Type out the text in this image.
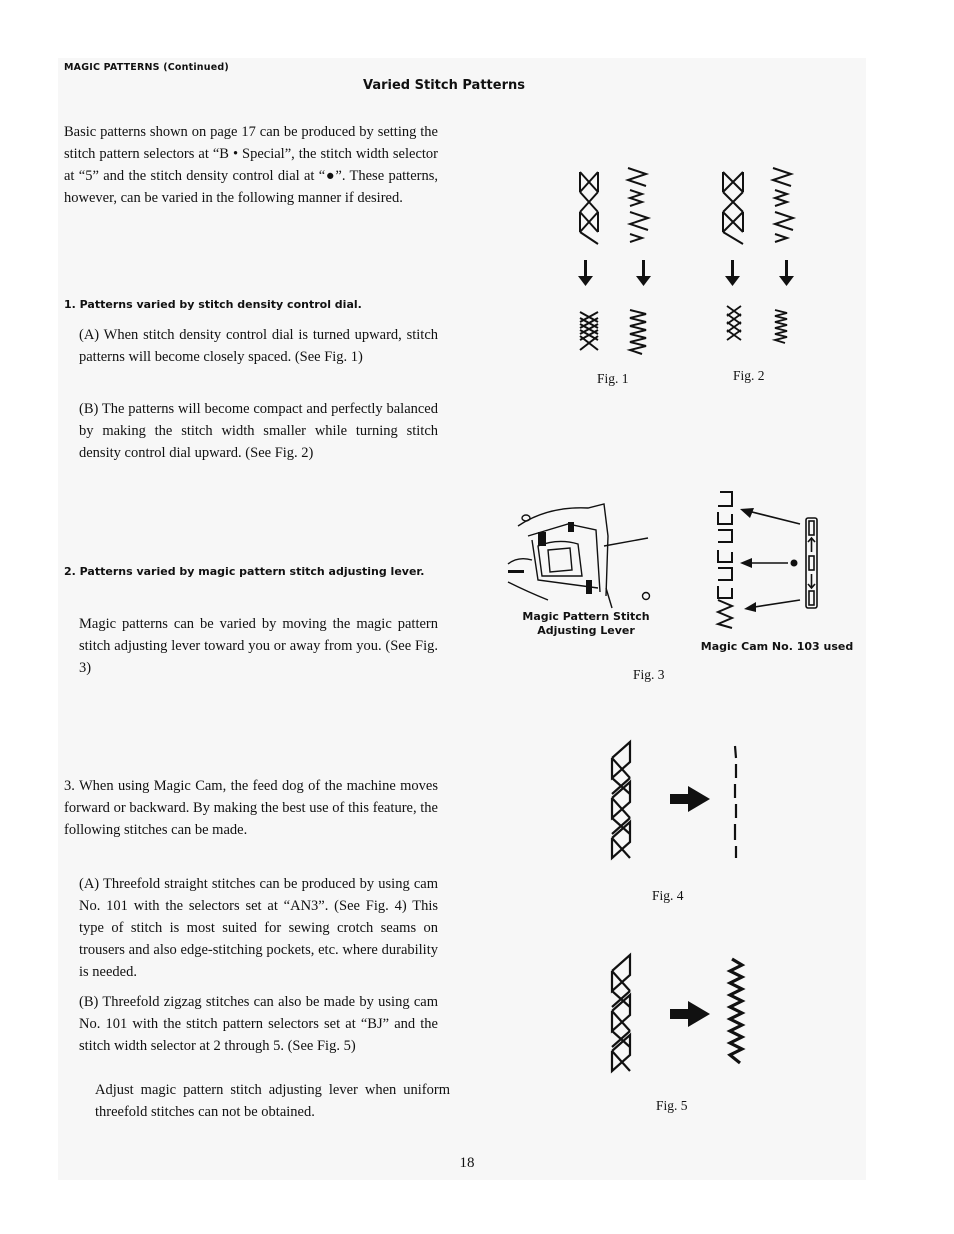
MAGIC PATTERNS (Continued)
Varied Stitch Patterns
Basic patterns shown on page 17 can be produced by setting the stitch pattern selectors at “B • Special”, the stitch width selector at “5” and the stitch density control dial at “●”. These patterns, however, can be varied in the following manner if desired.
1. Patterns varied by stitch density control dial.
(A) When stitch density control dial is turned upward, stitch patterns will become closely spaced. (See Fig. 1)
(B) The patterns will become compact and perfectly balanced by making the stitch width smaller while turning stitch density control dial upward. (See Fig. 2)
2. Patterns varied by magic pattern stitch adjusting lever.
Magic patterns can be varied by moving the magic pattern stitch adjusting lever toward you or away from you. (See Fig. 3)
3. When using Magic Cam, the feed dog of the machine moves forward or backward. By making the best use of this feature, the following stitches can be made.
(A) Threefold straight stitches can be produced by using cam No. 101 with the selectors set at “AN3”. (See Fig. 4) This type of stitch is most suited for sewing crotch seams on trousers and also edge-stitching pockets, etc. where durability is needed.
(B) Threefold zigzag stitches can also be made by using cam No. 101 with the stitch pattern selectors set at “BJ” and the stitch width selector at 2 through 5. (See Fig. 5)
Adjust magic pattern stitch adjusting lever when uniform threefold stitches can not be obtained.
Fig. 1	Fig. 2
Magic Pattern Stitch
Adjusting Lever
Magic Cam No. 103 used
Fig. 3
Fig. 4
Fig. 5
18
